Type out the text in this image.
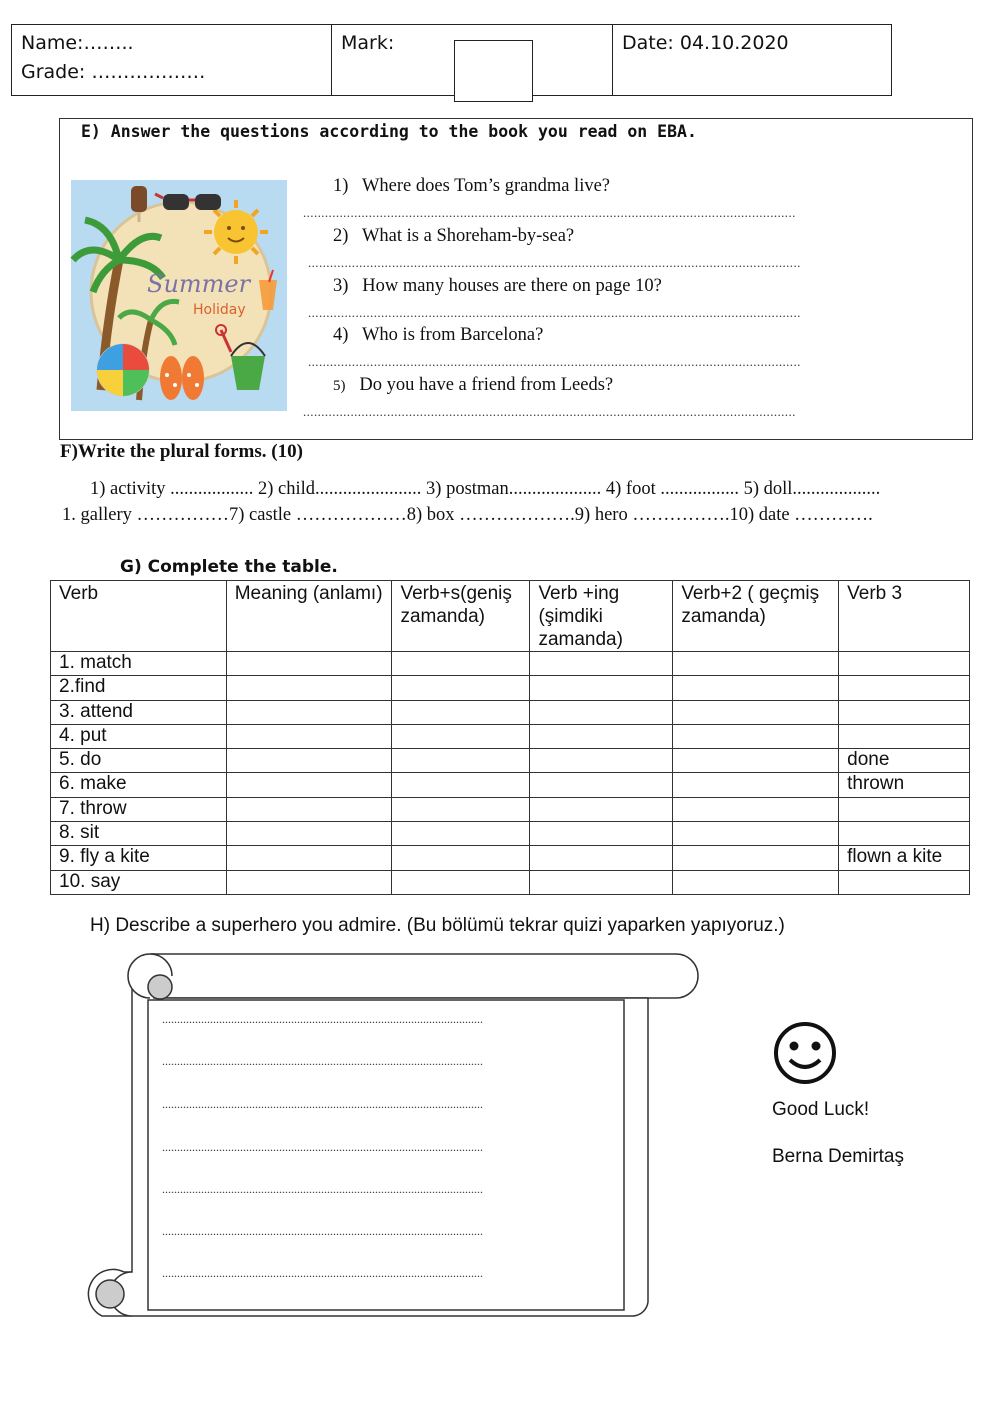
Name:……..
Grade: ………………
Mark:	Date: 04.10.2020
E) Answer the questions according to the book you read on EBA.
Summer
Holiday
1) Where does Tom’s grandma live?
.......................................................................................................................................
2) What is a Shoreham-by-sea?
.......................................................................................................................................
3) How many houses are there on page 10?
.......................................................................................................................................
4) Who is from Barcelona?
.......................................................................................................................................
5) Do you have a friend from Leeds?
.......................................................................................................................................
F)Write the plural forms. (10)
1) activity .................. 2) child....................... 3) postman.................... 4) foot ................. 5) doll...................
1. gallery ……………7) castle ………………8) box ……………….9) hero …………….10) date ………….
G) Complete the table.
Verb	Meaning (anlamı)	Verb+s(geniş zamanda)	Verb +ing (şimdiki zamanda)	Verb+2 ( geçmiş zamanda)	Verb 3
1. match					
2.find					
3. attend					
4. put					
5. do					done
6. make					thrown
7. throw					
8. sit					
9. fly a kite					flown a kite
10. say					
H) Describe a superhero you admire. (Bu bölümü tekrar quizi yaparken yapıyoruz.)
...........................................................................................................
...........................................................................................................
...........................................................................................................
...........................................................................................................
...........................................................................................................
...........................................................................................................
...........................................................................................................
Good Luck!
Berna Demirtaş
